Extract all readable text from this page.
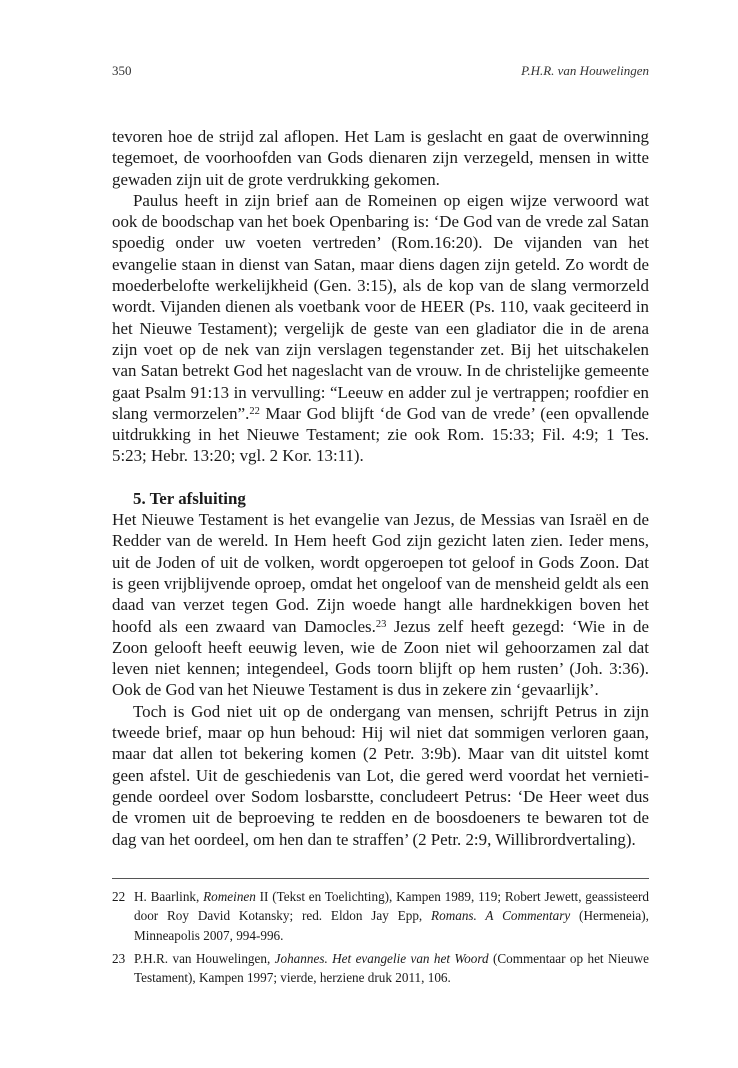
350	P.H.R. van Houwelingen

tevoren hoe de strijd zal aflopen. Het Lam is geslacht en gaat de overwinning tegemoet, de voorhoofden van Gods dienaren zijn verzegeld, mensen in witte gewaden zijn uit de grote verdrukking gekomen.

Paulus heeft in zijn brief aan de Romeinen op eigen wijze verwoord wat ook de boodschap van het boek Openbaring is: ‘De God van de vrede zal Satan spoedig onder uw voeten vertreden’ (Rom.16:20). De vijanden van het evangelie staan in dienst van Satan, maar diens dagen zijn geteld. Zo wordt de moederbelofte werkelijkheid (Gen. 3:15), als de kop van de slang vermorzeld wordt. Vijanden dienen als voetbank voor de HEER (Ps. 110, vaak geciteerd in het Nieuwe Testament); vergelijk de geste van een gladiator die in de arena zijn voet op de nek van zijn verslagen tegenstander zet. Bij het uitschakelen van Satan betrekt God het nageslacht van de vrouw. In de christelijke gemeente gaat Psalm 91:13 in vervulling: “Leeuw en adder zul je vertrappen; roofdier en slang vermorzelen”.$^{22}$ Maar God blijft ‘de God van de vrede’ (een opvallende uitdrukking in het Nieuwe Testament; zie ook Rom. 15:33; Fil. 4:9; 1 Tes. 5:23; Hebr. 13:20; vgl. 2 Kor. 13:11).

5. Ter afsluiting

Het Nieuwe Testament is het evangelie van Jezus, de Messias van Israël en de Redder van de wereld. In Hem heeft God zijn gezicht laten zien. Ieder mens, uit de Joden of uit de volken, wordt opgeroepen tot geloof in Gods Zoon. Dat is geen vrijblijvende oproep, omdat het ongeloof van de mensheid geldt als een daad van verzet tegen God. Zijn woede hangt alle hardnekkigen boven het hoofd als een zwaard van Damocles.$^{23}$ Jezus zelf heeft gezegd: ‘Wie in de Zoon gelooft heeft eeuwig leven, wie de Zoon niet wil gehoorzamen zal dat leven niet kennen; integendeel, Gods toorn blijft op hem rusten’ (Joh. 3:36). Ook de God van het Nieuwe Testament is dus in zekere zin ‘gevaarlijk’.

Toch is God niet uit op de ondergang van mensen, schrijft Petrus in zijn tweede brief, maar op hun behoud: Hij wil niet dat sommigen verloren gaan, maar dat allen tot bekering komen (2 Petr. 3:9b). Maar van dit uitstel komt geen afstel. Uit de geschiedenis van Lot, die gered werd voordat het vernietigende oordeel over Sodom losbarstte, concludeert Petrus: ‘De Heer weet dus de vromen uit de beproeving te redden en de boosdoeners te bewaren tot de dag van het oordeel, om hen dan te straffen’ (2 Petr. 2:9, Willibrordvertaling).

22 H. Baarlink, Romeinen II (Tekst en Toelichting), Kampen 1989, 119; Robert Jewett, geassisteerd door Roy David Kotansky; red. Eldon Jay Epp, Romans. A Commentary (Hermeneia), Minneapolis 2007, 994-996.
23 P.H.R. van Houwelingen, Johannes. Het evangelie van het Woord (Commentaar op het Nieuwe Testament), Kampen 1997; vierde, herziene druk 2011, 106.
